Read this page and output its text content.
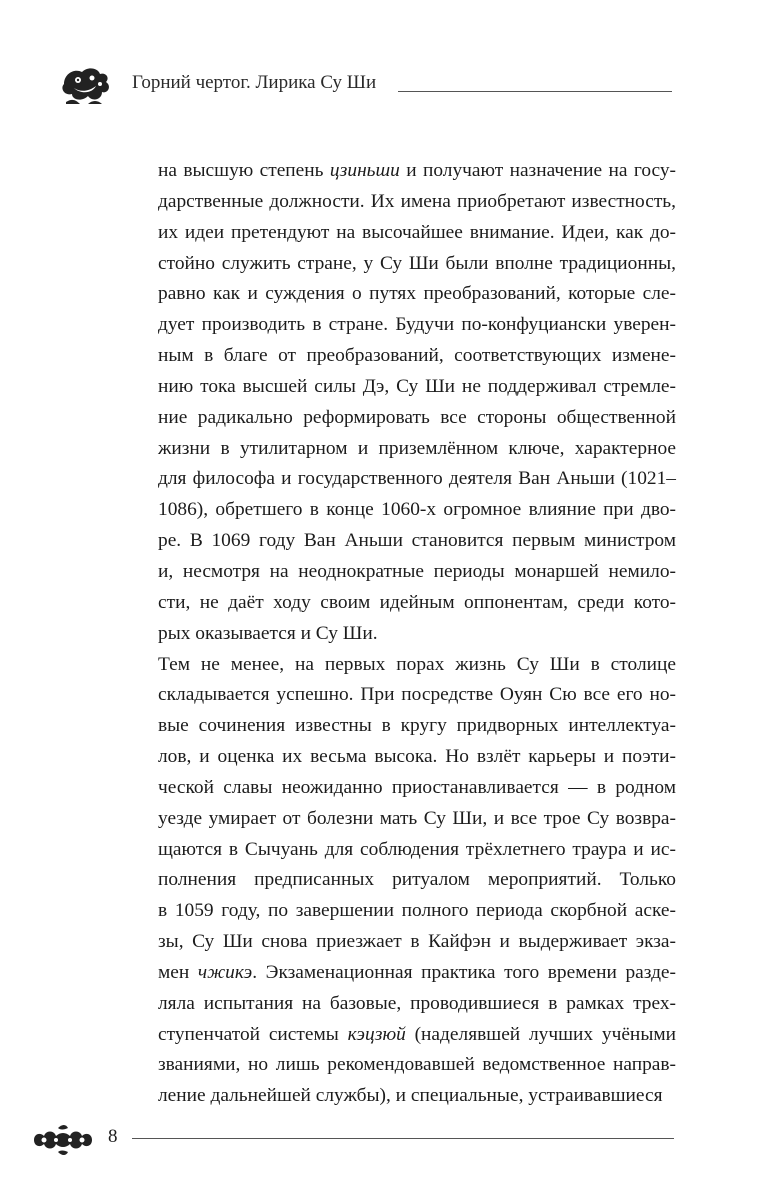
Горний чертог. Лирика Су Ши
на высшую степень цзиньши и получают назначение на госу-
дарственные должности. Их имена приобретают известность,
их идеи претендуют на высочайшее внимание. Идеи, как до-
стойно служить стране, у Су Ши были вполне традиционны,
равно как и суждения о путях преобразований, которые сле-
дует производить в стране. Будучи по-конфуциански уверен-
ным в благе от преобразований, соответствующих измене-
нию тока высшей силы Дэ, Су Ши не поддерживал стремле-
ние радикально реформировать все стороны общественной
жизни в утилитарном и приземлённом ключе, характерное
для философа и государственного деятеля Ван Аньши (1021–
1086), обретшего в конце 1060-х огромное влияние при дво-
ре. В 1069 году Ван Аньши становится первым министром
и, несмотря на неоднократные периоды монаршей немило-
сти, не даёт ходу своим идейным оппонентам, среди кото-
рых оказывается и Су Ши.
Тем не менее, на первых порах жизнь Су Ши в столице
складывается успешно. При посредстве Оуян Сю все его но-
вые сочинения известны в кругу придворных интеллектуа-
лов, и оценка их весьма высока. Но взлёт карьеры и поэти-
ческой славы неожиданно приостанавливается — в родном
уезде умирает от болезни мать Су Ши, и все трое Су возвра-
щаются в Сычуань для соблюдения трёхлетнего траура и ис-
полнения предписанных ритуалом мероприятий. Только
в 1059 году, по завершении полного периода скорбной аске-
зы, Су Ши снова приезжает в Кайфэн и выдерживает экза-
мен чжикэ. Экзаменационная практика того времени разде-
ляла испытания на базовые, проводившиеся в рамках трех-
ступенчатой системы кэцзюй (наделявшей лучших учёными
званиями, но лишь рекомендовавшей ведомственное направ-
ление дальнейшей службы), и специальные, устраивавшиеся
8
